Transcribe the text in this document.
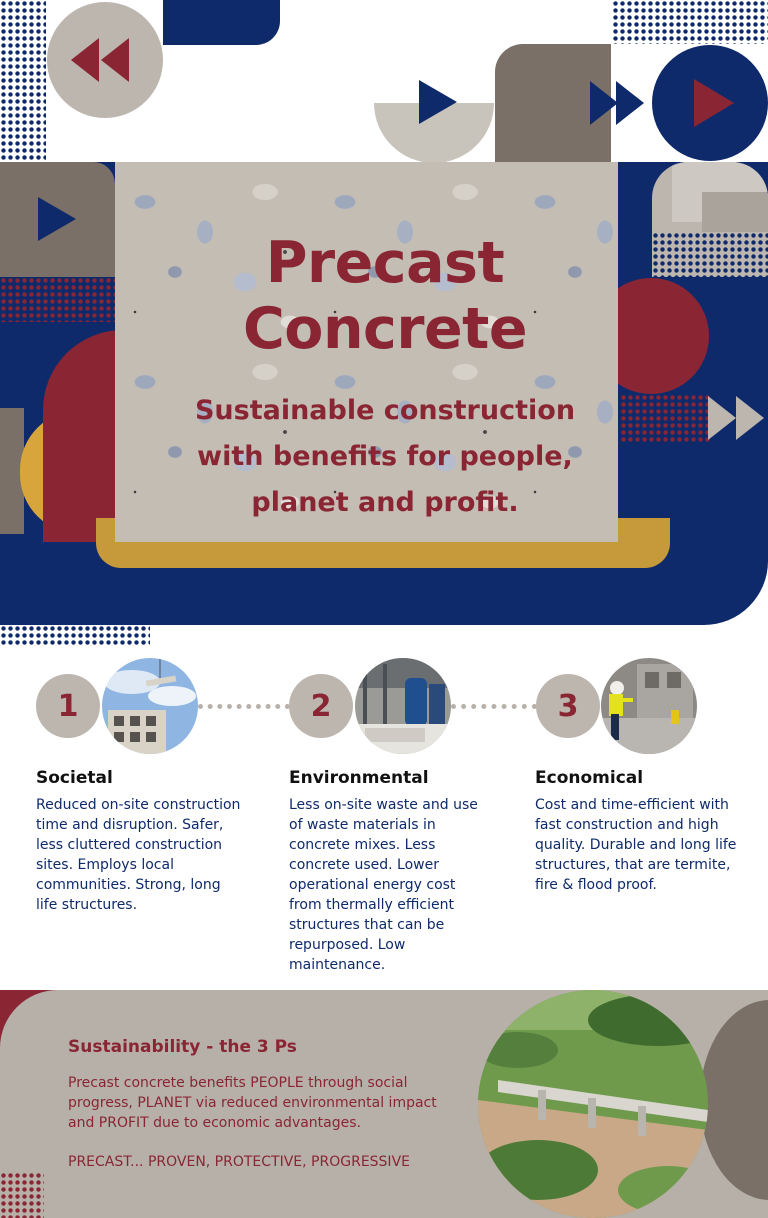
Precast
Concrete
Sustainable construction
with benefits for people,
planet and profit.
1	2	3
Societal
Reduced on-site construction time and disruption. Safer, less cluttered construction sites. Employs local communities. Strong, long life structures.
Environmental
Less on-site waste and use of waste materials in concrete mixes. Less concrete used. Lower operational energy cost from thermally efficient structures that can be repurposed. Low maintenance.
Economical
Cost and time-efficient with fast construction and high quality. Durable and long life structures, that are termite, fire & flood proof.
Sustainability - the 3 Ps
Precast concrete benefits PEOPLE through social progress, PLANET via reduced environmental impact and PROFIT due to economic advantages.
PRECAST... PROVEN, PROTECTIVE, PROGRESSIVE
